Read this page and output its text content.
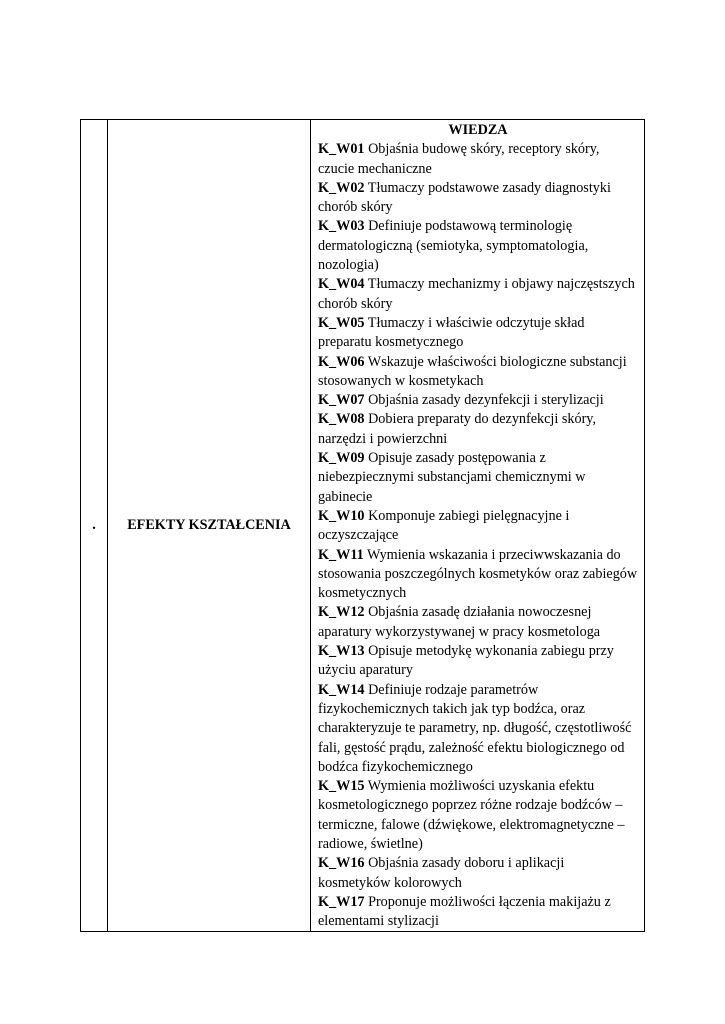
. EFEKTY KSZTAŁCENIA
WIEDZA
K_W01 Objaśnia budowę skóry, receptory skóry, czucie mechaniczne
K_W02 Tłumaczy podstawowe zasady diagnostyki chorób skóry
K_W03 Definiuje podstawową terminologię dermatologiczną (semiotyka, symptomatologia, nozologia)
K_W04 Tłumaczy mechanizmy i objawy najczęstszych chorób skóry
K_W05 Tłumaczy i właściwie odczytuje skład preparatu kosmetycznego
K_W06 Wskazuje właściwości biologiczne substancji stosowanych w kosmetykach
K_W07 Objaśnia zasady dezynfekcji i sterylizacji
K_W08 Dobiera preparaty do dezynfekcji skóry, narzędzi i powierzchni
K_W09 Opisuje zasady postępowania z niebezpiecznymi substancjami chemicznymi w gabinecie
K_W10 Komponuje zabiegi pielęgnacyjne i oczyszczające
K_W11 Wymienia wskazania i przeciwwskazania do stosowania poszczególnych kosmetyków oraz zabiegów kosmetycznych
K_W12 Objaśnia zasadę działania nowoczesnej aparatury wykorzystywanej w pracy kosmetologa
K_W13 Opisuje metodykę wykonania zabiegu przy użyciu aparatury
K_W14 Definiuje rodzaje parametrów fizykochemicznych takich jak typ bodźca, oraz charakteryzuje te parametry, np. długość, częstotliwość fali, gęstość prądu, zależność efektu biologicznego od bodźca fizykochemicznego
K_W15 Wymienia możliwości uzyskania efektu kosmetologicznego poprzez różne rodzaje bodźców – termiczne, falowe (dźwiękowe, elektromagnetyczne – radiowe, świetlne)
K_W16 Objaśnia zasady doboru i aplikacji kosmetyków kolorowych
K_W17 Proponuje możliwości łączenia makijażu z elementami stylizacji
